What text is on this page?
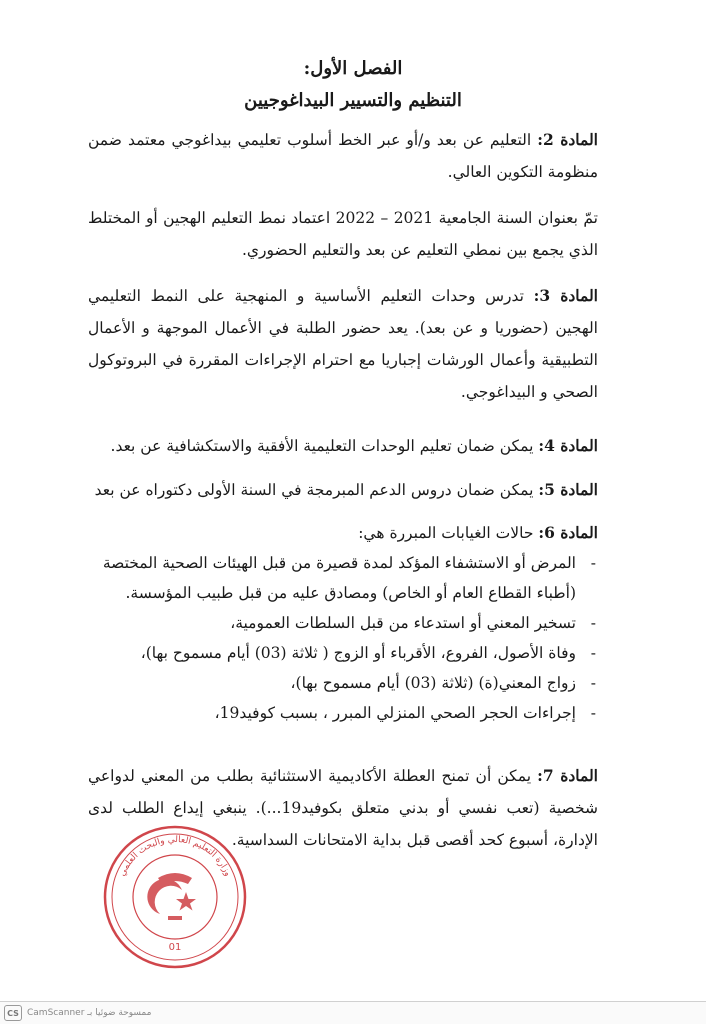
الفصل الأول:
التنظيم والتسيير البيداغوجيين

المادة 2: التعليم عن بعد و/أو عبر الخط أسلوب تعليمي بيداغوجي معتمد ضمن منظومة التكوين العالي.

تمّ بعنوان السنة الجامعية 2021 – 2022 اعتماد نمط التعليم الهجين أو المختلط الذي يجمع بين نمطي التعليم عن بعد والتعليم الحضوري.

المادة 3: تدرس وحدات التعليم الأساسية و المنهجية على النمط التعليمي الهجين (حضوريا و عن بعد). يعد حضور الطلبة في الأعمال الموجهة و الأعمال التطبيقية وأعمال الورشات إجباريا مع احترام الإجراءات المقررة في البروتوكول الصحي و البيداغوجي.

المادة 4: يمكن ضمان تعليم الوحدات التعليمية الأفقية والاستكشافية عن بعد.

المادة 5: يمكن ضمان دروس الدعم المبرمجة في السنة الأولى دكتوراه عن بعد

المادة 6: حالات الغيابات المبررة هي:

- المرض أو الاستشفاء المؤكد لمدة قصيرة من قبل الهيئات الصحية المختصة (أطباء القطاع العام أو الخاص) ومصادق عليه من قبل طبيب المؤسسة.
- تسخير المعني أو استدعاء من قبل السلطات العمومية،
- وفاة الأصول، الفروع، الأقرباء أو الزوج ( ثلاثة (03) أيام مسموح بها)،
- زواج المعني(ة) (ثلاثة (03) أيام مسموح بها)،
- إجراءات الحجر الصحي المنزلي المبرر ، بسبب كوفيد19،

المادة 7: يمكن أن تمنح العطلة الأكاديمية الاستثنائية بطلب من المعني لدواعي شخصية (تعب نفسي أو بدني متعلق بكوفيد19...). ينبغي إيداع الطلب لدى الإدارة، أسبوع كحد أقصى قبل بداية الامتحانات السداسية.

وزارة التعليم العالي والبحث العلمي
01
CS CamScanner ممسوحة ضوئيا بـ
